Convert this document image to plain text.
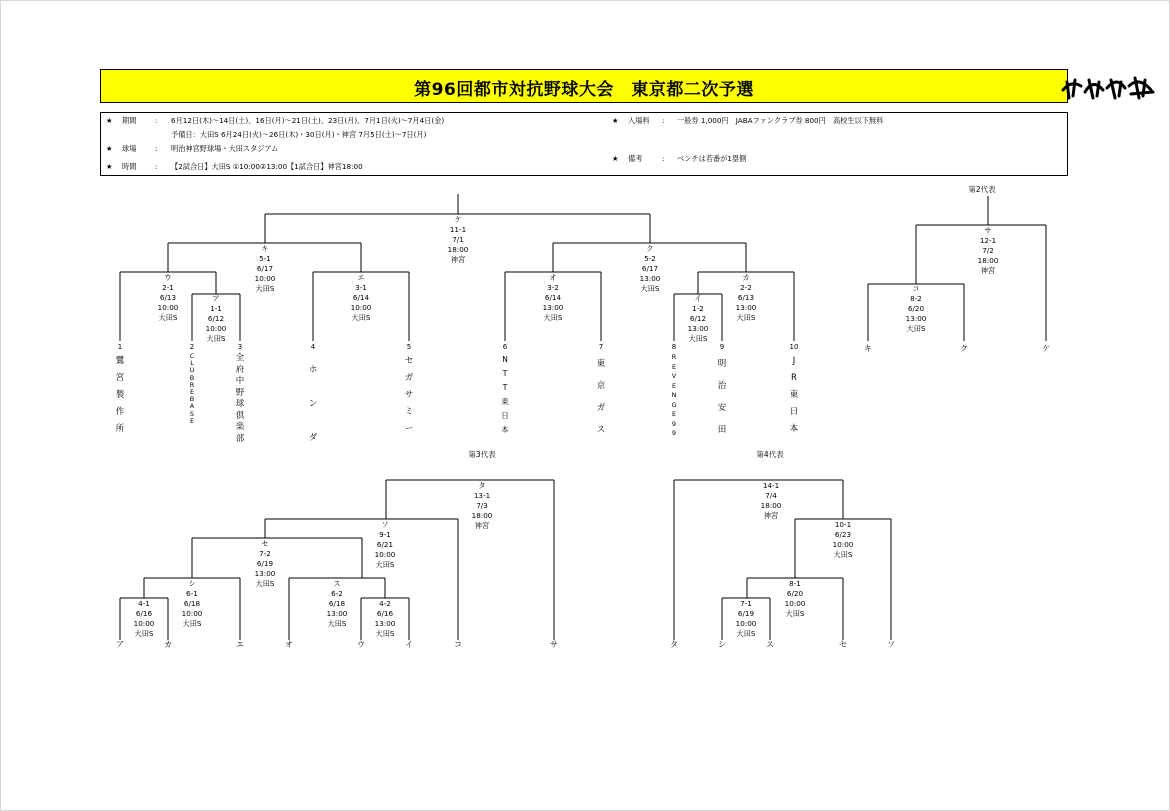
第96回都市対抗野球大会　東京都二次予選
★ 期間	: 6月12日(木)～14日(土)、16日(月)～21日(土)、23日(月)、7月1日(火)～7月4日(金)
予備日：大田S 6月24日(火)～26日(木)・30日(月)・神宮 7月5日(土)～7日(月)
★ 球場	: 明治神宮野球場・大田スタジアム
★ 時間	: 【2試合日】大田S ①10:00②13:00【1試合日】神宮18:00
★ 入場料 : 一般券 1,000円　JABAファンクラブ券 800円　高校生以下無料
★ 備考	: ベンチは若番が1塁側
第2代表
第3代表	第4代表
ケ
11-1
7/1
18:00
神宮
キ
5-1
6/17
10:00
大田S
ク
5-2
6/17
13:00
大田S
ウ
2-1
6/13
10:00
大田S
ア
1-1
6/12
10:00
大田S
エ
3-1
6/14
10:00
大田S
オ
3-2
6/14
13:00
大田S
カ
2-2
6/13
13:00
大田S
イ
1-2
6/12
13:00
大田S
サ
12-1
7/2
18:00
神宮
コ
8-2
6/20
13:00
大田S
タ
13-1
7/3
18:00
神宮
ソ
9-1
6/21
10:00
大田S
セ
7-2
6/19
13:00
大田S
シ
6-1
6/18
10:00
大田S
ス
6-2
6/18
13:00
大田S
4-1
6/16
10:00
大田S
4-2
6/16
13:00
大田S
14-1
7/4
18:00
神宮
10-1
6/23
10:00
大田S
8-1
6/20
10:00
大田S
7-1
6/19
10:00
大田S
1
鷺
宮
製
作
所
2
C
L
U
B
R
E
B
A
S
E
3
全
府
中
野
球
倶
楽
部
4
ホ
ン
ダ
5
セ
ガ
サ
ミ
ー
6
N
T
T
東
日
本
7
東
京
ガ
ス
8
R
E
V
E
N
G
E
9
9
9
明
治
安
田
10
J
R
東
日
本
キ	ク	ケ
ア	カ	エ	オ	ウ	イ	コ	サ	タ	シ	ス	セ	ソ
